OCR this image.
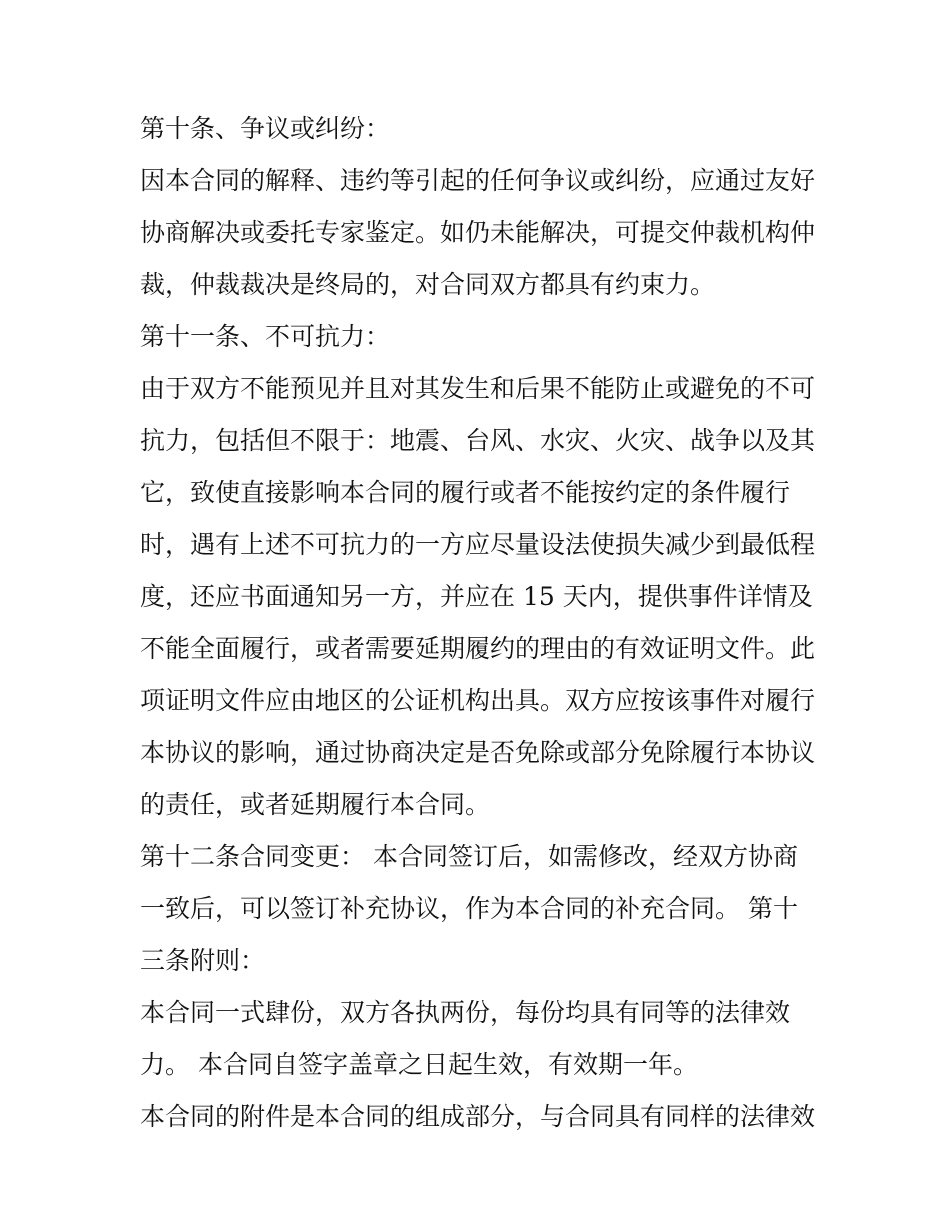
第十条、争议或纠纷：
因本合同的解释、违约等引起的任何争议或纠纷，应通过友好
协商解决或委托专家鉴定。如仍未能解决，可提交仲裁机构仲
裁，仲裁裁决是终局的，对合同双方都具有约束力。
第十一条、不可抗力：
由于双方不能预见并且对其发生和后果不能防止或避免的不可
抗力，包括但不限于：地震、台风、水灾、火灾、战争以及其
它，致使直接影响本合同的履行或者不能按约定的条件履行
时，遇有上述不可抗力的一方应尽量设法使损失减少到最低程
度，还应书面通知另一方，并应在 15 天内，提供事件详情及
不能全面履行，或者需要延期履约的理由的有效证明文件。此
项证明文件应由地区的公证机构出具。双方应按该事件对履行
本协议的影响，通过协商决定是否免除或部分免除履行本协议
的责任，或者延期履行本合同。
第十二条合同变更： 本合同签订后，如需修改，经双方协商
一致后，可以签订补充协议，作为本合同的补充合同。 第十
三条附则：
本合同一式肆份，双方各执两份，每份均具有同等的法律效
力。 本合同自签字盖章之日起生效，有效期一年。
本合同的附件是本合同的组成部分，与合同具有同样的法律效
